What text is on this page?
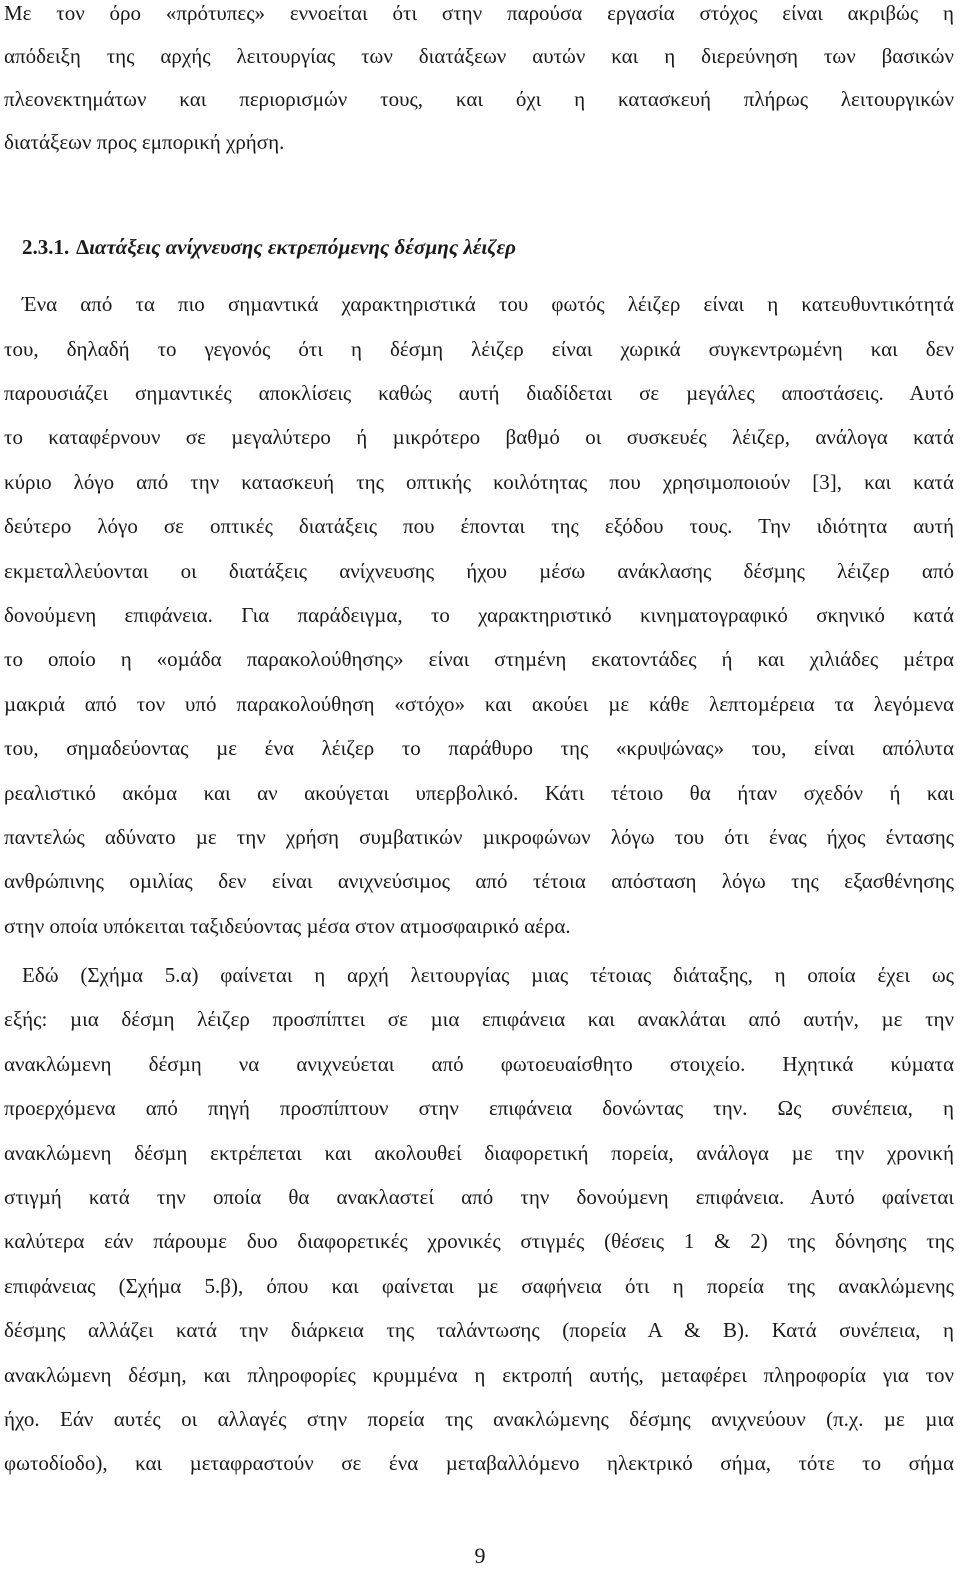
Με τον όρο «πρότυπες» εννοείται ότι στην παρούσα εργασία στόχος είναι ακριβώς η
απόδειξη της αρχής λειτουργίας των διατάξεων αυτών και η διερεύνηση των βασικών
πλεονεκτημάτων και περιορισμών τους, και όχι η κατασκευή πλήρως λειτουργικών
διατάξεων προς εμπορική χρήση.
2.3.1. ∆ιατάξεις ανίχνευσης εκτρεπόµενης δέσµης λέιζερ
Ένα από τα πιο σηµαντικά χαρακτηριστικά του φωτός λέιζερ είναι η κατευθυντικότητά
του, δηλαδή το γεγονός ότι η δέσµη λέιζερ είναι χωρικά συγκεντρωµένη και δεν
παρουσιάζει σηµαντικές αποκλίσεις καθώς αυτή διαδίδεται σε µεγάλες αποστάσεις. Αυτό
το καταφέρνουν σε µεγαλύτερο ή µικρότερο βαθµό οι συσκευές λέιζερ, ανάλογα κατά
κύριο λόγο από την κατασκευή της οπτικής κοιλότητας που χρησιµοποιούν [3], και κατά
δεύτερο λόγο σε οπτικές διατάξεις που έπονται της εξόδου τους. Την ιδιότητα αυτή
εκµεταλλεύονται οι διατάξεις ανίχνευσης ήχου µέσω ανάκλασης δέσµης λέιζερ από
δονούµενη επιφάνεια. Για παράδειγµα, το χαρακτηριστικό κινηµατογραφικό σκηνικό κατά
το οποίο η «οµάδα παρακολούθησης» είναι στηµένη εκατοντάδες ή και χιλιάδες µέτρα
µακριά από τον υπό παρακολούθηση «στόχο» και ακούει µε κάθε λεπτοµέρεια τα λεγόµενα
του, σηµαδεύοντας µε ένα λέιζερ το παράθυρο της «κρυψώνας» του, είναι απόλυτα
ρεαλιστικό ακόµα και αν ακούγεται υπερβολικό. Κάτι τέτοιο θα ήταν σχεδόν ή και
παντελώς αδύνατο µε την χρήση συµβατικών µικροφώνων λόγω του ότι ένας ήχος έντασης
ανθρώπινης οµιλίας δεν είναι ανιχνεύσιµος από τέτοια απόσταση λόγω της εξασθένησης
στην οποία υπόκειται ταξιδεύοντας µέσα στον ατµοσφαιρικό αέρα.
Εδώ (Σχήµα 5.α) φαίνεται η αρχή λειτουργίας µιας τέτοιας διάταξης, η οποία έχει ως
εξής: µια δέσµη λέιζερ προσπίπτει σε µια επιφάνεια και ανακλάται από αυτήν, µε την
ανακλώµενη δέσµη να ανιχνεύεται από φωτοευαίσθητο στοιχείο. Ηχητικά κύµατα
προερχόµενα από πηγή προσπίπτουν στην επιφάνεια δονώντας την. Ως συνέπεια, η
ανακλώµενη δέσµη εκτρέπεται και ακολουθεί διαφορετική πορεία, ανάλογα µε την χρονική
στιγµή κατά την οποία θα ανακλαστεί από την δονούµενη επιφάνεια. Αυτό φαίνεται
καλύτερα εάν πάρουµε δυο διαφορετικές χρονικές στιγµές (θέσεις 1 & 2) της δόνησης της
επιφάνειας (Σχήµα 5.β), όπου και φαίνεται µε σαφήνεια ότι η πορεία της ανακλώµενης
δέσµης αλλάζει κατά την διάρκεια της ταλάντωσης (πορεία Α & Β). Κατά συνέπεια, η
ανακλώµενη δέσµη, και πληροφορίες κρυµµένα η εκτροπή αυτής, µεταφέρει πληροφορία για τον
ήχο. Εάν αυτές οι αλλαγές στην πορεία της ανακλώµενης δέσµης ανιχνεύουν (π.χ. µε µια
φωτοδίοδο), και µεταφραστούν σε ένα µεταβαλλόµενο ηλεκτρικό σήµα, τότε το σήµα
9
